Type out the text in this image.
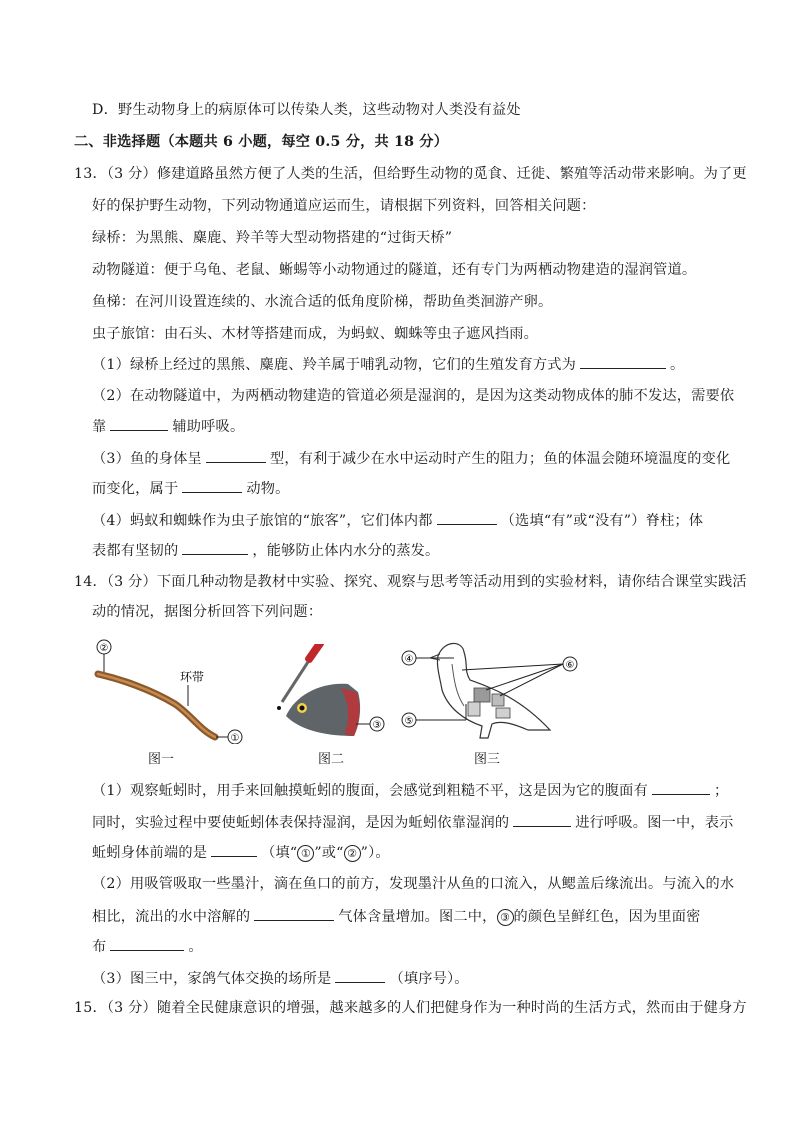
D．野生动物身上的病原体可以传染人类，这些动物对人类没有益处
二、非选择题（本题共 6 小题，每空 0.5 分，共 18 分）
13．（3 分）修建道路虽然方便了人类的生活，但给野生动物的觅食、迁徙、繁殖等活动带来影响。为了更
好的保护野生动物，下列动物通道应运而生，请根据下列资料，回答相关问题：
绿桥：为黑熊、麋鹿、羚羊等大型动物搭建的“过街天桥”
动物隧道：便于乌龟、老鼠、蜥蜴等小动物通过的隧道，还有专门为两栖动物建造的湿润管道。
鱼梯：在河川设置连续的、水流合适的低角度阶梯，帮助鱼类洄游产卵。
虫子旅馆：由石头、木材等搭建而成，为蚂蚁、蜘蛛等虫子遮风挡雨。
（1）绿桥上经过的黑熊、麋鹿、羚羊属于哺乳动物，它们的生殖发育方式为	。
（2）在动物隧道中，为两栖动物建造的管道必须是湿润的，是因为这类动物成体的肺不发达，需要依
靠	辅助呼吸。
（3）鱼的身体呈	型，有利于减少在水中运动时产生的阻力；鱼的体温会随环境温度的变化
而变化，属于	动物。
（4）蚂蚁和蜘蛛作为虫子旅馆的“旅客”，它们体内都	（选填“有”或“没有”）脊柱；体
表都有坚韧的	，能够防止体内水分的蒸发。
14．（3 分）下面几种动物是教材中实验、探究、观察与思考等活动用到的实验材料，请你结合课堂实践活
动的情况，据图分析回答下列问题：
②
①
环带
图一
③
图二
④
⑤
⑥
图三
（1）观察蚯蚓时，用手来回触摸蚯蚓的腹面，会感觉到粗糙不平，这是因为它的腹面有	；
同时，实验过程中要使蚯蚓体表保持湿润，是因为蚯蚓依靠湿润的	进行呼吸。图一中，表示
蚯蚓身体前端的是	（填“ ① ”或“ ② ”）。
（2）用吸管吸取一些墨汁，滴在鱼口的前方，发现墨汁从鱼的口流入，从鳃盖后缘流出。与流入的水
相比，流出的水中溶解的	气体含量增加。图二中， ③ 的颜色呈鲜红色，因为里面密
布	。
（3）图三中，家鸽气体交换的场所是	（填序号）。
15．（3 分）随着全民健康意识的增强，越来越多的人们把健身作为一种时尚的生活方式，然而由于健身方
